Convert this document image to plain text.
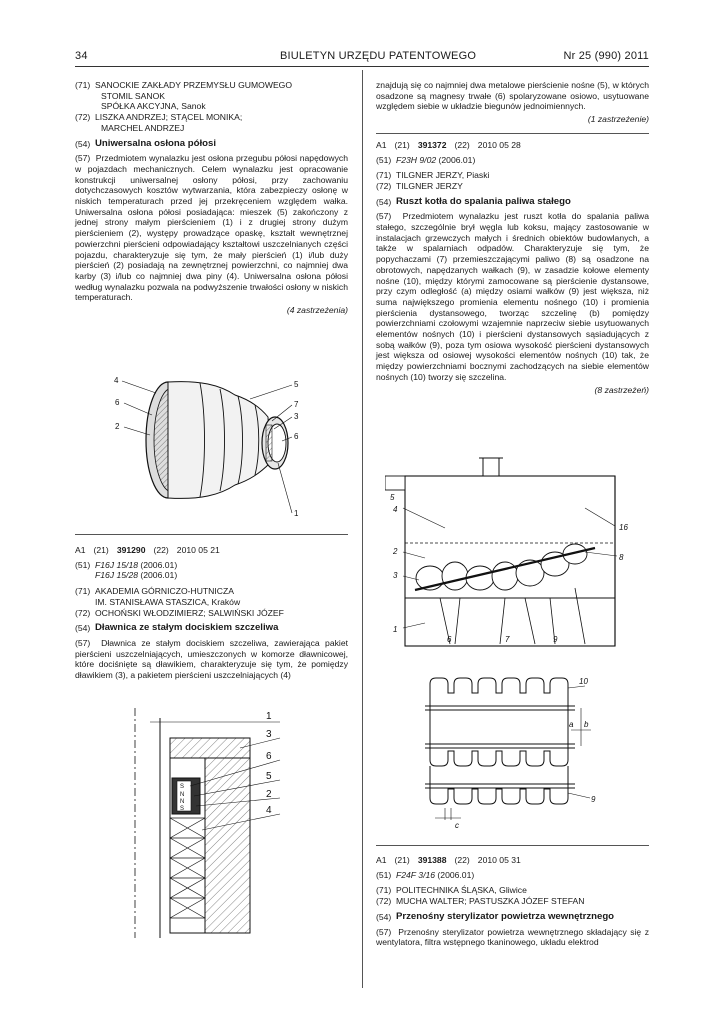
34	BIULETYN URZĘDU PATENTOWEGO	Nr 25 (990) 2011
(71) SANOCKIE ZAKŁADY PRZEMYSŁU GUMOWEGO
STOMIL SANOK
SPÓŁKA AKCYJNA, Sanok
(72) LISZKA ANDRZEJ; STĄCEL MONIKA;
MARCHEL ANDRZEJ
(54) Uniwersalna osłona półosi
(57) Przedmiotem wynalazku jest osłona przegubu półosi napędowych w pojazdach mechanicznych. Celem wynalazku jest opracowanie konstrukcji uniwersalnej osłony półosi, przy zachowaniu dotychczasowych kosztów wytwarzania, która zabezpieczy osłonę w niskich temperaturach przed jej przekręceniem względem wałka. Uniwersalna osłona półosi posiadająca: mieszek (5) zakończony z jednej strony małym pierścieniem (1) i z drugiej strony dużym pierścieniem (2), występy prowadzące opaskę, kształt wewnętrznej powierzchni pierścieni odpowiadający kształtowi uszczelnianych części pojazdu, charakteryzuje się tym, że mały pierścień (1) i/lub duży pierścień (2) posiadają na zewnętrznej powierzchni, co najmniej dwa karby (3) i/lub co najmniej dwa piny (4). Uniwersalna osłona półosi według wynalazku pozwala na podwyższenie trwałości osłony w niskich temperaturach.
(4 zastrzeżenia)
4
6
2
5
7
3
6
1
A1 (21) 391290 (22) 2010 05 21
(51) F16J 15/18 (2006.01)
F16J 15/28 (2006.01)
(71) AKADEMIA GÓRNICZO-HUTNICZA
IM. STANISŁAWA STASZICA, Kraków
(72) OCHOŃSKI WŁODZIMIERZ; SALWIŃSKI JÓZEF
(54) Dławnica ze stałym dociskiem szczeliwa
(57) Dławnica ze stałym dociskiem szczeliwa, zawierająca pakiet pierścieni uszczelniających, umieszczonych w komorze dławnicowej, które dociśnięte są dławikiem, charakteryzuje się tym, że pomiędzy dławikiem (3), a pakietem pierścieni uszczelniających (4)
S
N
N
S
1
3
6
5
2
4
znajdują się co najmniej dwa metalowe pierścienie nośne (5), w których osadzone są magnesy trwałe (6) spolaryzowane osiowo, usytuowane względem siebie w układzie biegunów jednoimiennych.
(1 zastrzeżenie)
A1 (21) 391372 (22) 2010 05 28
(51) F23H 9/02 (2006.01)
(71) TILGNER JERZY, Piaski
(72) TILGNER JERZY
(54) Ruszt kotła do spalania paliwa stałego
(57) Przedmiotem wynalazku jest ruszt kotła do spalania paliwa stałego, szczególnie brył węgla lub koksu, mający zastosowanie w instalacjach grzewczych małych i średnich obiektów budowlanych, a także w spalarniach odpadów. Charakteryzuje się tym, że popychaczami (7) przemieszczającymi paliwo (8) są osadzone na obrotowych, napędzanych wałkach (9), w zasadzie kołowe elementy nośne (10), między którymi zamocowane są pierścienie dystansowe, przy czym odległość (a) między osiami wałków (9) jest większa, niż suma największego promienia elementu nośnego (10) i promienia pierścienia dystansowego, tworząc szczelinę (b) pomiędzy powierzchniami czołowymi wzajemnie naprzeciw siebie usytuowanych elementów nośnych (10) i pierścieni dystansowych sąsiadujących z sobą wałków (9), poza tym osiowa wysokość pierścieni dystansowych jest większa od osiowej wysokości elementów nośnych (10) tak, że między powierzchniami bocznymi zachodzących na siebie elementów nośnych (10) tworzy się szczelina.
(8 zastrzeżeń)
5
4
2
3
1
16
8
6	7	9
10
a b
9
c
A1 (21) 391388 (22) 2010 05 31
(51) F24F 3/16 (2006.01)
(71) POLITECHNIKA ŚLĄSKA, Gliwice
(72) MUCHA WALTER; PASTUSZKA JÓZEF STEFAN
(54) Przenośny sterylizator powietrza wewnętrznego
(57) Przenośny sterylizator powietrza wewnętrznego składający się z wentylatora, filtra wstępnego tkaninowego, układu elektrod
